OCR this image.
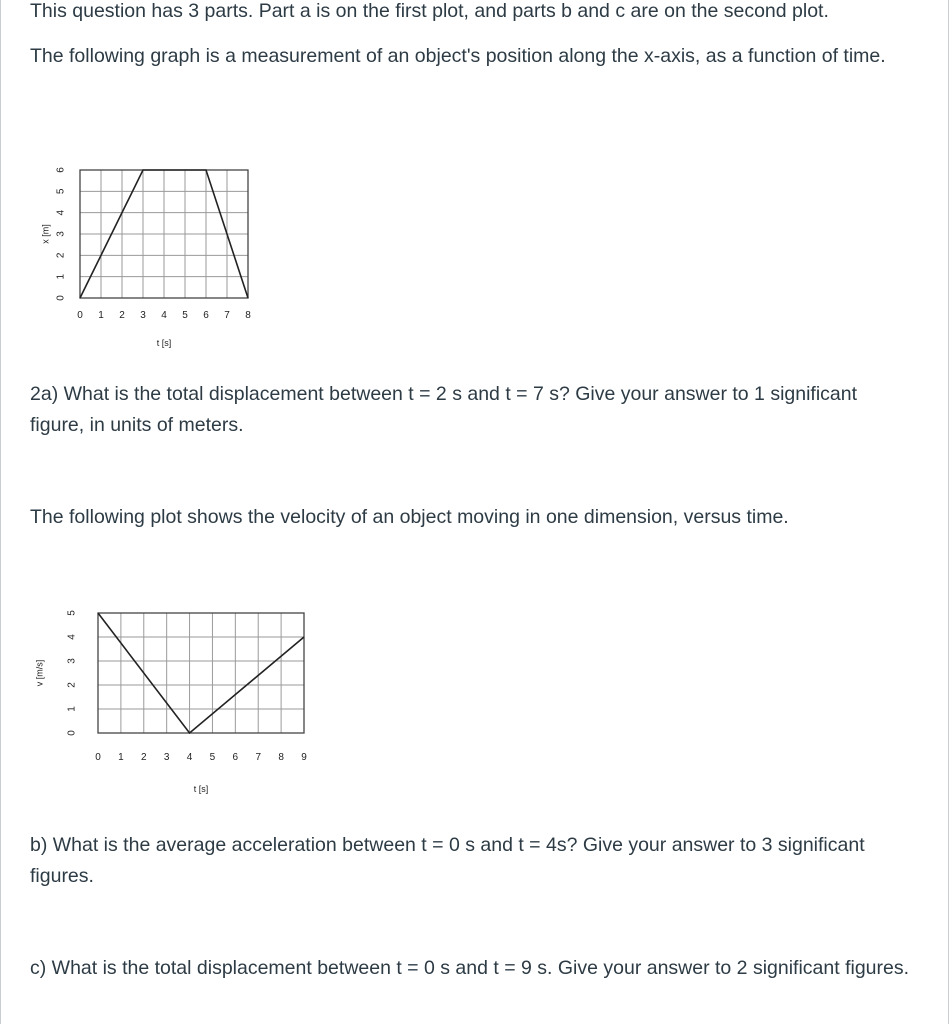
This question has 3 parts. Part a is on the first plot, and parts b and c are on the second plot.

The following graph is a measurement of an object's position along the x-axis, as a function of time.

0 1 2 3 4 5 6 7 8
0
1
2
3
4
5
6
t [s]
x [m]

2a) What is the total displacement between t = 2 s and t = 7 s? Give your answer to 1 significant figure, in units of meters.

The following plot shows the velocity of an object moving in one dimension, versus time.

0 1 2 3 4 5 6 7 8 9
0
1
2
3
4
5
t [s]
v [m/s]

b) What is the average acceleration between t = 0 s and t = 4s? Give your answer to 3 significant figures.

c) What is the total displacement between t = 0 s and t = 9 s. Give your answer to 2 significant figures.
